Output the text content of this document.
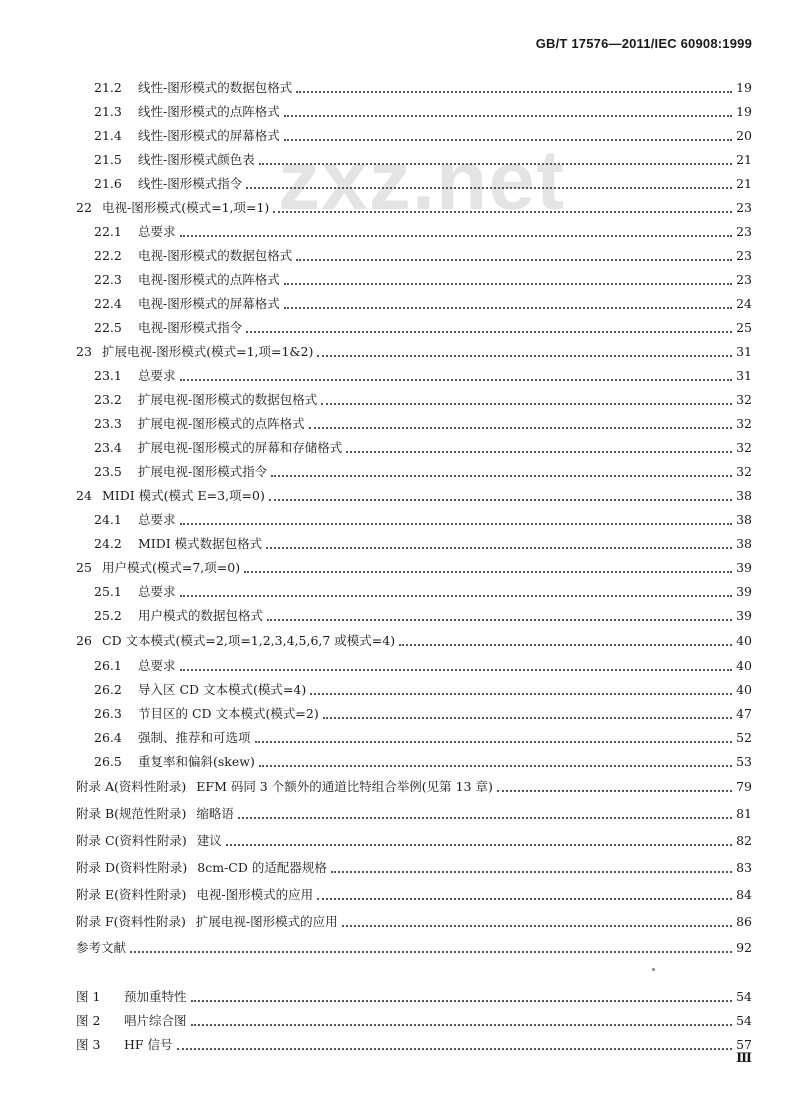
GB/T 17576—2011/IEC 60908:1999
zxz.net
21.2	线性-图形模式的数据包格式	19
21.3	线性-图形模式的点阵格式	19
21.4	线性-图形模式的屏幕格式	20
21.5	线性-图形模式颜色表	21
21.6	线性-图形模式指令	21
22 电视-图形模式(模式=1,项=1)	23
22.1	总要求	23
22.2	电视-图形模式的数据包格式	23
22.3	电视-图形模式的点阵格式	23
22.4	电视-图形模式的屏幕格式	24
22.5	电视-图形模式指令	25
23 扩展电视-图形模式(模式=1,项=1&2)	31
23.1	总要求	31
23.2	扩展电视-图形模式的数据包格式	32
23.3	扩展电视-图形模式的点阵格式	32
23.4	扩展电视-图形模式的屏幕和存储格式	32
23.5	扩展电视-图形模式指令	32
24 MIDI 模式(模式 E=3,项=0)	38
24.1	总要求	38
24.2	MIDI 模式数据包格式	38
25 用户模式(模式=7,项=0)	39
25.1	总要求	39
25.2	用户模式的数据包格式	39
26 CD 文本模式(模式=2,项=1,2,3,4,5,6,7 或模式=4)	40
26.1	总要求	40
26.2	导入区 CD 文本模式(模式=4)	40
26.3	节目区的 CD 文本模式(模式=2)	47
26.4	强制、推荐和可选项	52
26.5	重复率和偏斜(skew)	53
附录 A(资料性附录) EFM 码同 3 个额外的通道比特组合举例(见第 13 章)	79
附录 B(规范性附录) 缩略语	81
附录 C(资料性附录) 建议	82
附录 D(资料性附录) 8cm-CD 的适配器规格	83
附录 E(资料性附录) 电视-图形模式的应用	84
附录 F(资料性附录) 扩展电视-图形模式的应用	86
参考文献	92
图 1	预加重特性	54
图 2	唱片综合图	54
图 3	HF 信号	57
Ⅲ
